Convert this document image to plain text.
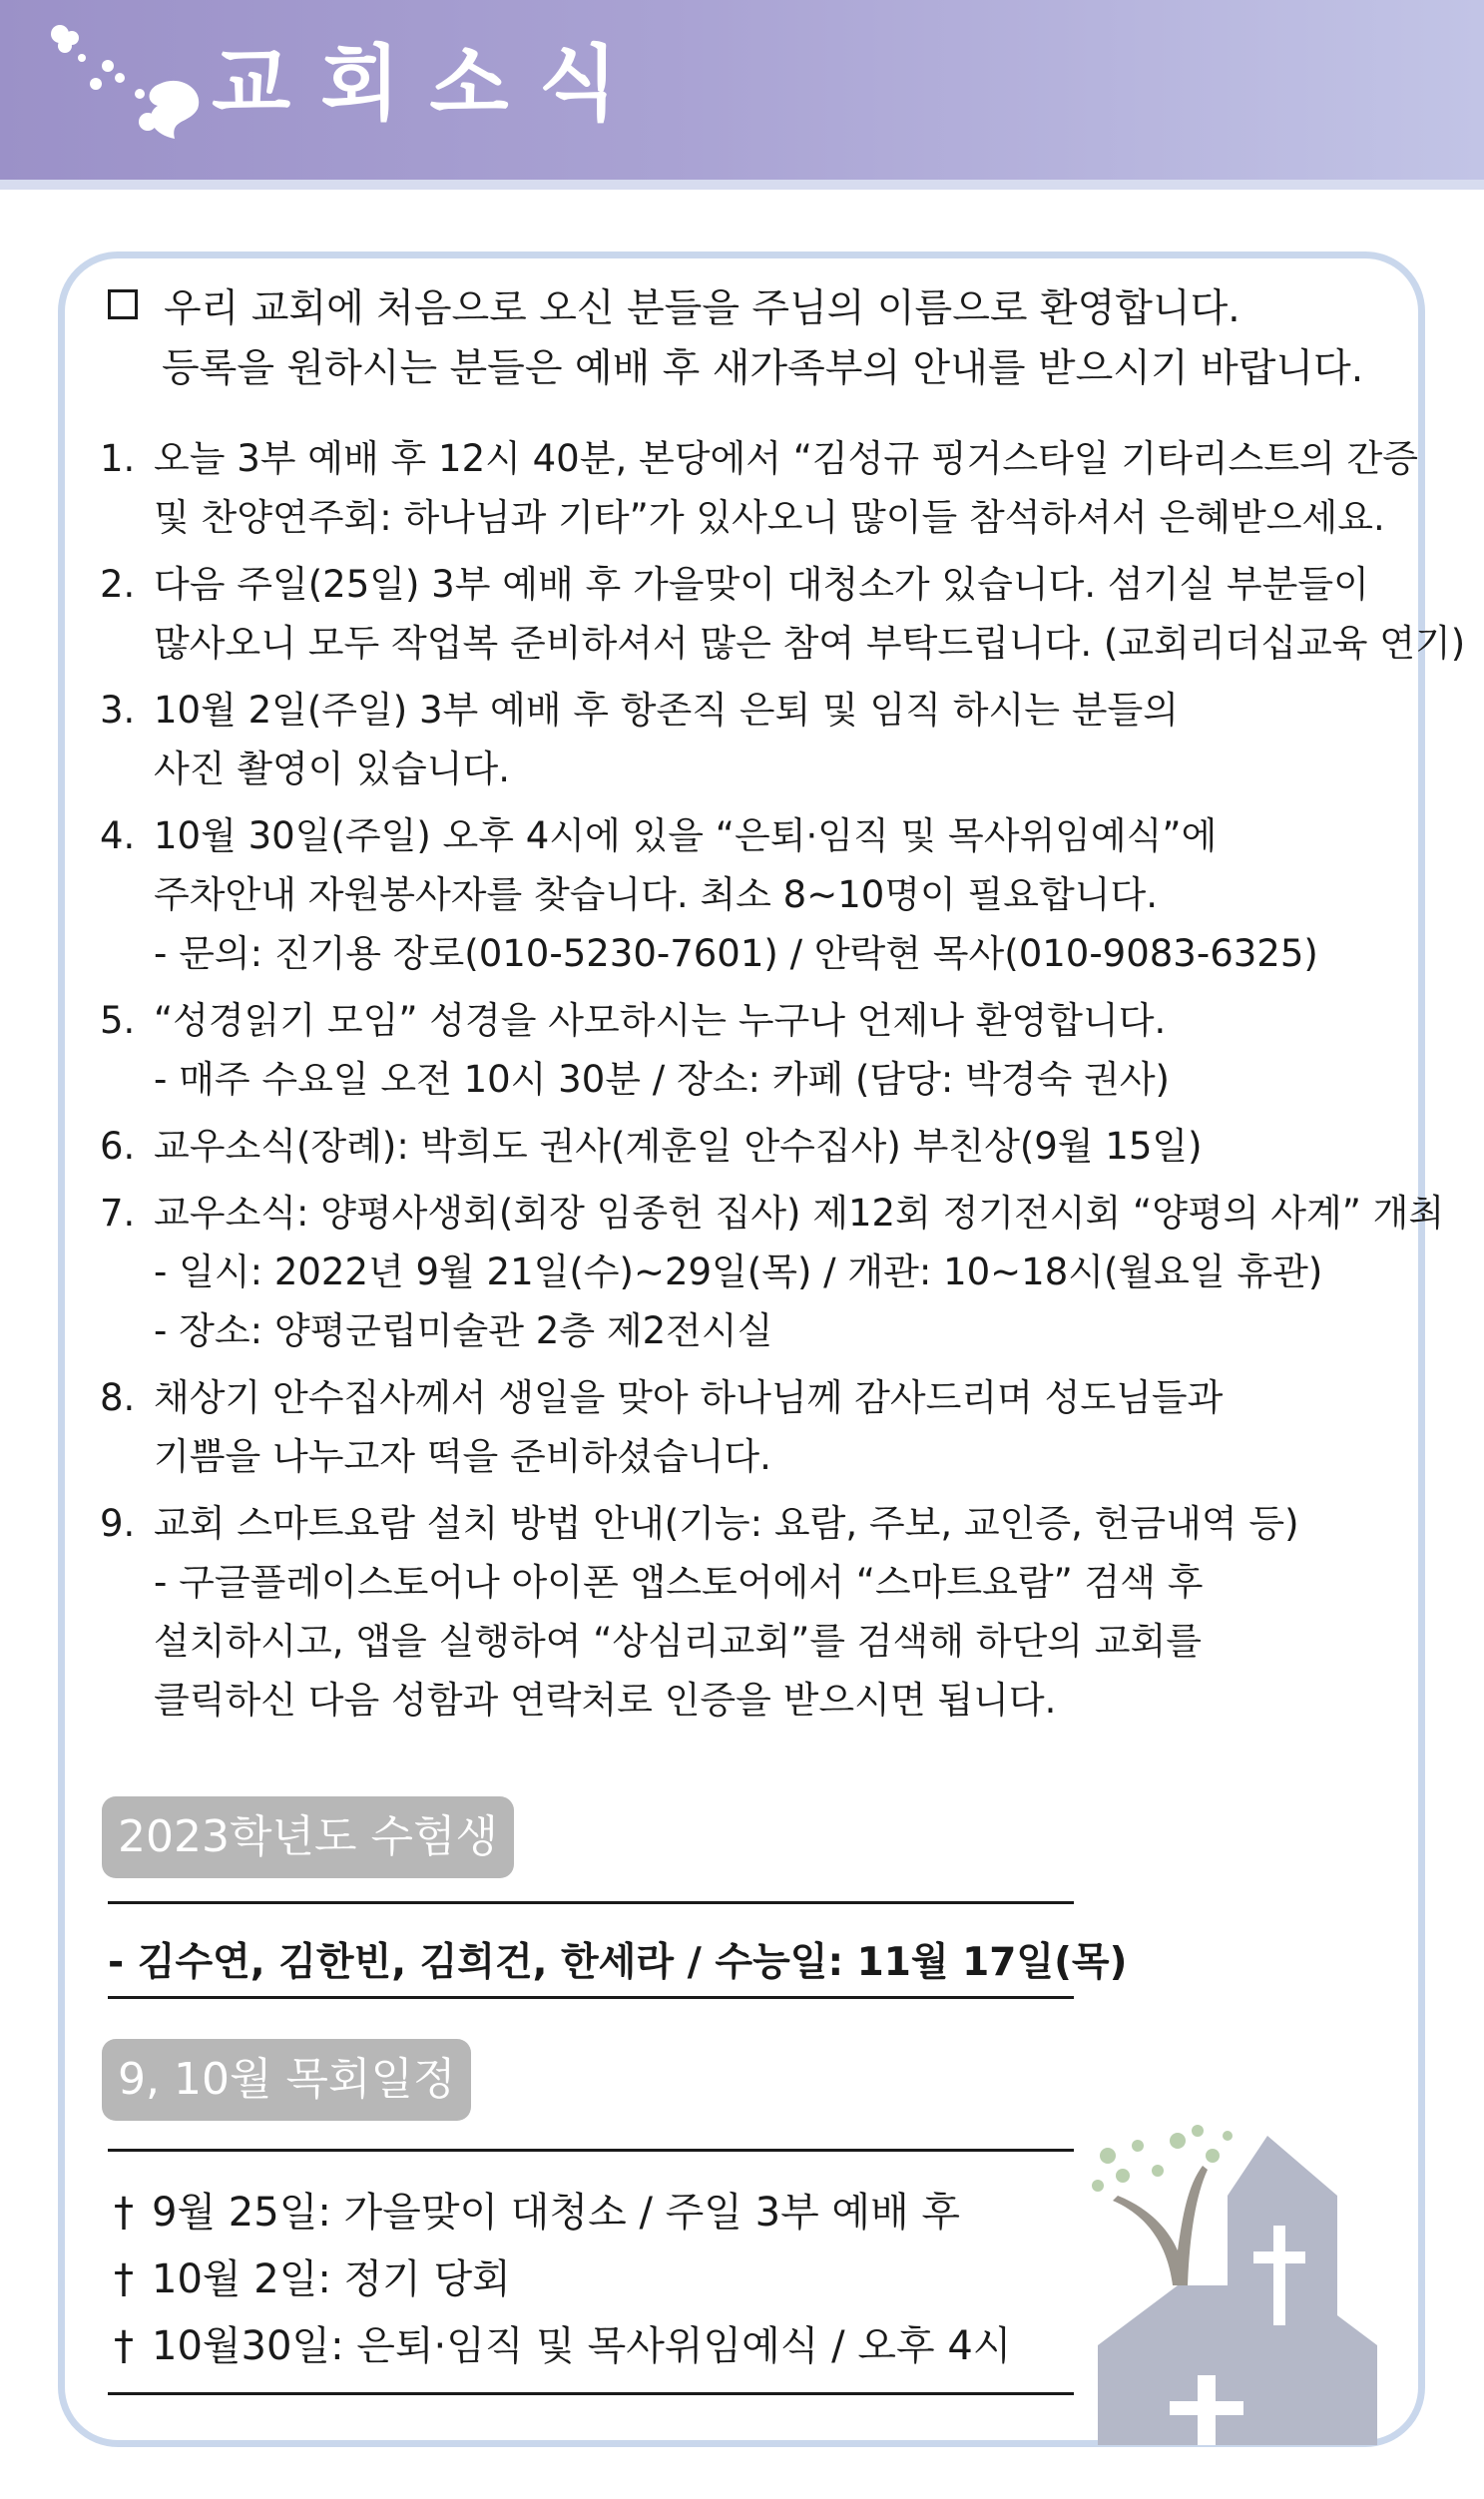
교회소식
우리 교회에 처음으로 오신 분들을 주님의 이름으로 환영합니다.
등록을 원하시는 분들은 예배 후 새가족부의 안내를 받으시기 바랍니다.
1. 오늘 3부 예배 후 12시 40분, 본당에서 “김성규 핑거스타일 기타리스트의 간증
및 찬양연주회: 하나님과 기타”가 있사오니 많이들 참석하셔서 은혜받으세요.
2. 다음 주일(25일) 3부 예배 후 가을맞이 대청소가 있습니다. 섬기실 부분들이
많사오니 모두 작업복 준비하셔서 많은 참여 부탁드립니다. (교회리더십교육 연기)
3. 10월 2일(주일) 3부 예배 후 항존직 은퇴 및 임직 하시는 분들의
사진 촬영이 있습니다.
4. 10월 30일(주일) 오후 4시에 있을 “은퇴·임직 및 목사위임예식”에
주차안내 자원봉사자를 찾습니다. 최소 8~10명이 필요합니다.
- 문의: 진기용 장로(010-5230-7601) / 안락현 목사(010-9083-6325)
5. “성경읽기 모임” 성경을 사모하시는 누구나 언제나 환영합니다.
- 매주 수요일 오전 10시 30분 / 장소: 카페 (담당: 박경숙 권사)
6. 교우소식(장례): 박희도 권사(계훈일 안수집사) 부친상(9월 15일)
7. 교우소식: 양평사생회(회장 임종헌 집사) 제12회 정기전시회 “양평의 사계” 개최
- 일시: 2022년 9월 21일(수)~29일(목) / 개관: 10~18시(월요일 휴관)
- 장소: 양평군립미술관 2층 제2전시실
8. 채상기 안수집사께서 생일을 맞아 하나님께 감사드리며 성도님들과
기쁨을 나누고자 떡을 준비하셨습니다.
9. 교회 스마트요람 설치 방법 안내(기능: 요람, 주보, 교인증, 헌금내역 등)
- 구글플레이스토어나 아이폰 앱스토어에서 “스마트요람” 검색 후
설치하시고, 앱을 실행하여 “상심리교회”를 검색해 하단의 교회를
클릭하신 다음 성함과 연락처로 인증을 받으시면 됩니다.
2023학년도 수험생
- 김수연, 김한빈, 김희건, 한세라 / 수능일: 11월 17일(목)
9, 10월 목회일정
† 9월 25일: 가을맞이 대청소 / 주일 3부 예배 후
† 10월 2일: 정기 당회
† 10월30일: 은퇴·임직 및 목사위임예식 / 오후 4시
